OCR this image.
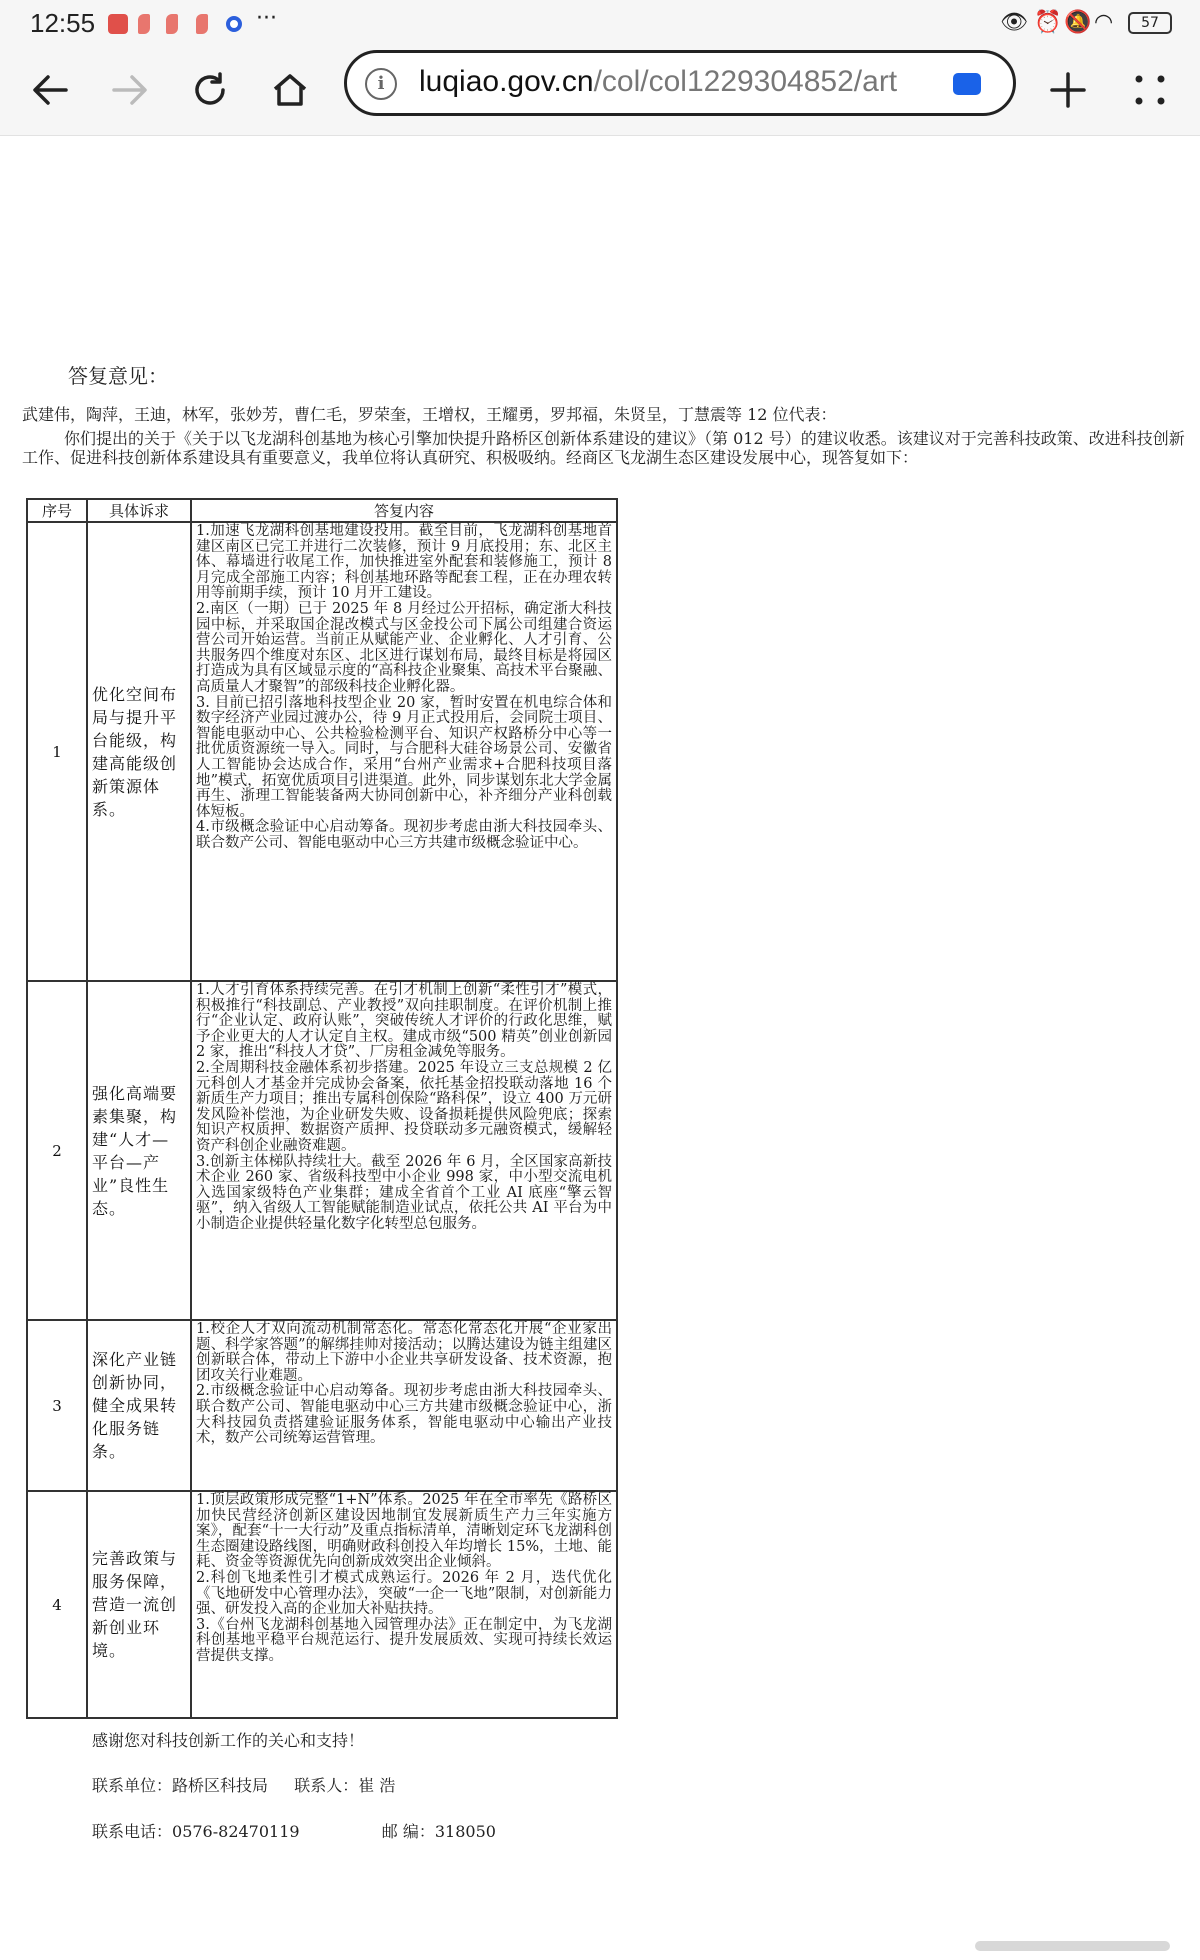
12:55	···	👁 ⏰ 🔕 ◠	57
i	luqiao.gov.cn/col/col1229304852/art
答复意见：
武建伟，陶萍，王迪，林军，张妙芳，曹仁毛，罗荣奎，王增权，王耀勇，罗邦福，朱贤呈，丁慧震等 12 位代表：
你们提出的关于《关于以飞龙湖科创基地为核心引擎加快提升路桥区创新体系建设的建议》（第 012 号）的建议收悉。该建议对于完善科技政策、改进科技创新工作、促进科技创新体系建设具有重要意义，我单位将认真研究、积极吸纳。经商区飞龙湖生态区建设发展中心，现答复如下：
序号	具体诉求	答复内容
1	优化空间布局与提升平台能级，构建高能级创新策源体系。	1.加速飞龙湖科创基地建设投用。截至目前，飞龙湖科创基地首建区南区已完工并进行二次装修，预计 9 月底投用；东、北区主体、幕墙进行收尾工作，加快推进室外配套和装修施工，预计 8 月完成全部施工内容；科创基地环路等配套工程，正在办理农转用等前期手续，预计 10 月开工建设。

2.南区（一期）已于 2025 年 8 月经过公开招标，确定浙大科技园中标，并采取国企混改模式与区金投公司下属公司组建合资运营公司开始运营。当前正从赋能产业、企业孵化、人才引育、公共服务四个维度对东区、北区进行谋划布局，最终目标是将园区打造成为具有区域显示度的“高科技企业聚集、高技术平台聚融、高质量人才聚智”的部级科技企业孵化器。

3. 目前已招引落地科技型企业 20 家，暂时安置在机电综合体和数字经济产业园过渡办公，待 9 月正式投用后，会同院士项目、智能电驱动中心、公共检验检测平台、知识产权路桥分中心等一批优质资源统一导入。同时，与合肥科大硅谷场景公司、安徽省人工智能协会达成合作，采用“台州产业需求+合肥科技项目落地”模式，拓宽优质项目引进渠道。此外，同步谋划东北大学金属再生、浙理工智能装备两大协同创新中心，补齐细分产业科创载体短板。

4.市级概念验证中心启动筹备。现初步考虑由浙大科技园牵头、联合数产公司、智能电驱动中心三方共建市级概念验证中心。

2	强化高端要素集聚，构建“人才—平台—产业”良性生态。	1.人才引育体系持续完善。在引才机制上创新“柔性引才”模式，积极推行“科技副总、产业教授”双向挂职制度。在评价机制上推行“企业认定、政府认账”，突破传统人才评价的行政化思维，赋予企业更大的人才认定自主权。建成市级“500 精英”创业创新园 2 家，推出“科技人才贷”、厂房租金减免等服务。

2.全周期科技金融体系初步搭建。2025 年设立三支总规模 2 亿元科创人才基金并完成协会备案，依托基金招投联动落地 16 个新质生产力项目；推出专属科创保险“路科保”，设立 400 万元研发风险补偿池，为企业研发失败、设备损耗提供风险兜底；探索知识产权质押、数据资产质押、投贷联动多元融资模式，缓解轻资产科创企业融资难题。

3.创新主体梯队持续壮大。截至 2026 年 6 月，全区国家高新技术企业 260 家、省级科技型中小企业 998 家，中小型交流电机入选国家级特色产业集群；建成全省首个工业 AI 底座“擎云智驱”，纳入省级人工智能赋能制造业试点，依托公共 AI 平台为中小制造企业提供轻量化数字化转型总包服务。

3	深化产业链创新协同，健全成果转化服务链条。	1.校企人才双向流动机制常态化。常态化常态化开展“企业家出题、科学家答题”的解绑挂帅对接活动；以腾达建设为链主组建区创新联合体，带动上下游中小企业共享研发设备、技术资源，抱团攻关行业难题。

2.市级概念验证中心启动筹备。现初步考虑由浙大科技园牵头、联合数产公司、智能电驱动中心三方共建市级概念验证中心，浙大科技园负责搭建验证服务体系，智能电驱动中心输出产业技术，数产公司统筹运营管理。

4	完善政策与服务保障，营造一流创新创业环境。	1.顶层政策形成完整“1+N”体系。2025 年在全市率先《路桥区加快民营经济创新区建设因地制宜发展新质生产力三年实施方案》，配套“十一大行动”及重点指标清单，清晰划定环飞龙湖科创生态圈建设路线图，明确财政科创投入年均增长 15%，土地、能耗、资金等资源优先向创新成效突出企业倾斜。

2.科创飞地柔性引才模式成熟运行。2026 年 2 月，迭代优化《飞地研发中心管理办法》，突破“一企一飞地”限制，对创新能力强、研发投入高的企业加大补贴扶持。

3.《台州飞龙湖科创基地入园管理办法》正在制定中，为飞龙湖科创基地平稳平台规范运行、提升发展质效、实现可持续长效运营提供支撑。

感谢您对科技创新工作的关心和支持！
联系单位：路桥区科技局 联系人：崔 浩
联系电话：0576-82470119	邮 编：318050
